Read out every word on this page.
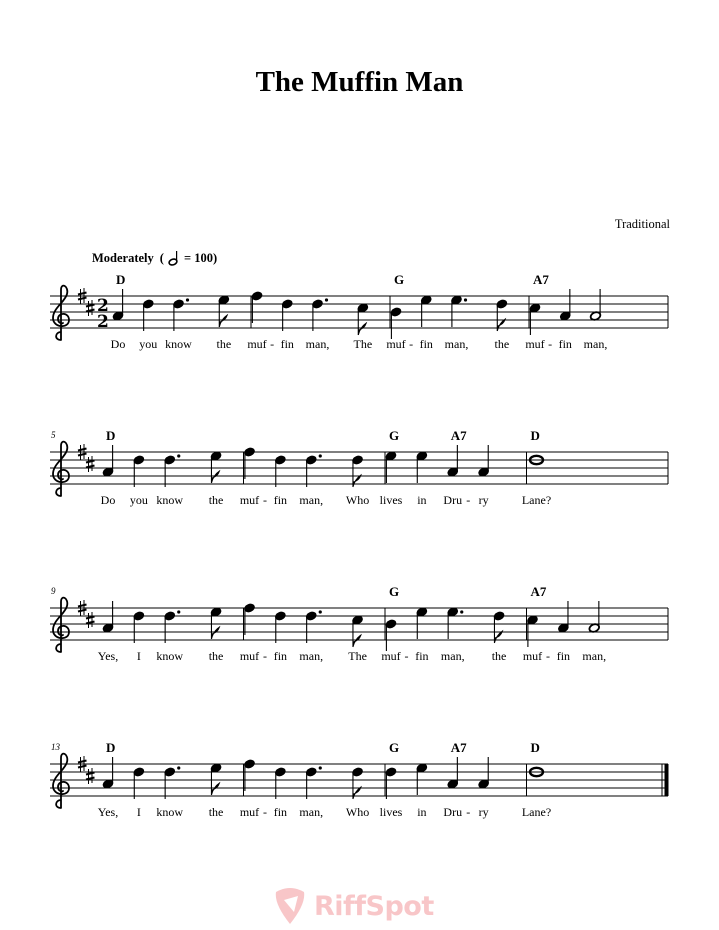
The Muffin Man
Traditional
Moderately ( = 100)
2
2
Do you know the
D
muf fin
-	man, The muf fin
-	man, the
G
muf fin
-	man,
A7
5
Do you know the
D
muf fin
-	man, Who lives in Dru ry
-
G	A7
Lane?
D
9
Yes, I know the muf fin
-	man, The muf fin
-	man, the
G
muf fin
-	man,
A7
13
Yes, I know the
D
muf fin
-	man, Who lives in Dru ry
-
G	A7
Lane?
D
RiffSpot
